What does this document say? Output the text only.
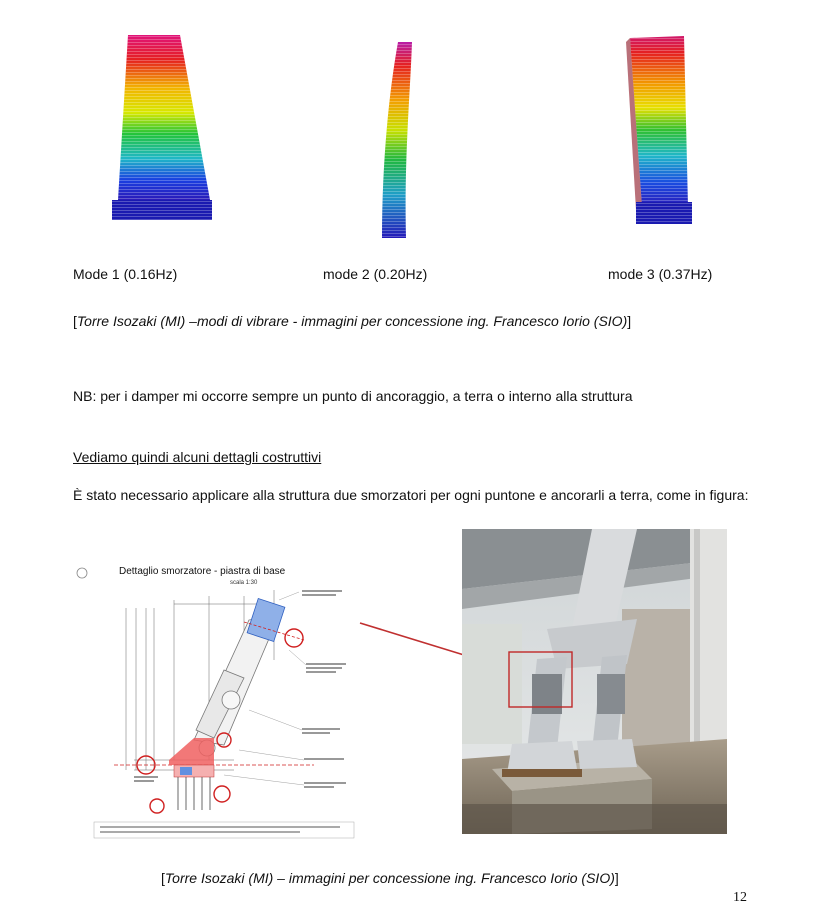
Mode 1 (0.16Hz)	mode 2 (0.20Hz)	mode 3 (0.37Hz)
[Torre Isozaki (MI) –modi di vibrare - immagini per concessione ing. Francesco Iorio (SIO)]
NB: per i damper mi occorre sempre un punto di ancoraggio, a terra o interno alla struttura
Vediamo quindi alcuni dettagli costruttivi
È stato necessario applicare alla struttura due smorzatori per ogni puntone e ancorarli a terra, come in figura:
Dettaglio smorzatore - piastra di base
scala 1:30
[Torre Isozaki (MI) – immagini per concessione ing. Francesco Iorio (SIO)]
12
